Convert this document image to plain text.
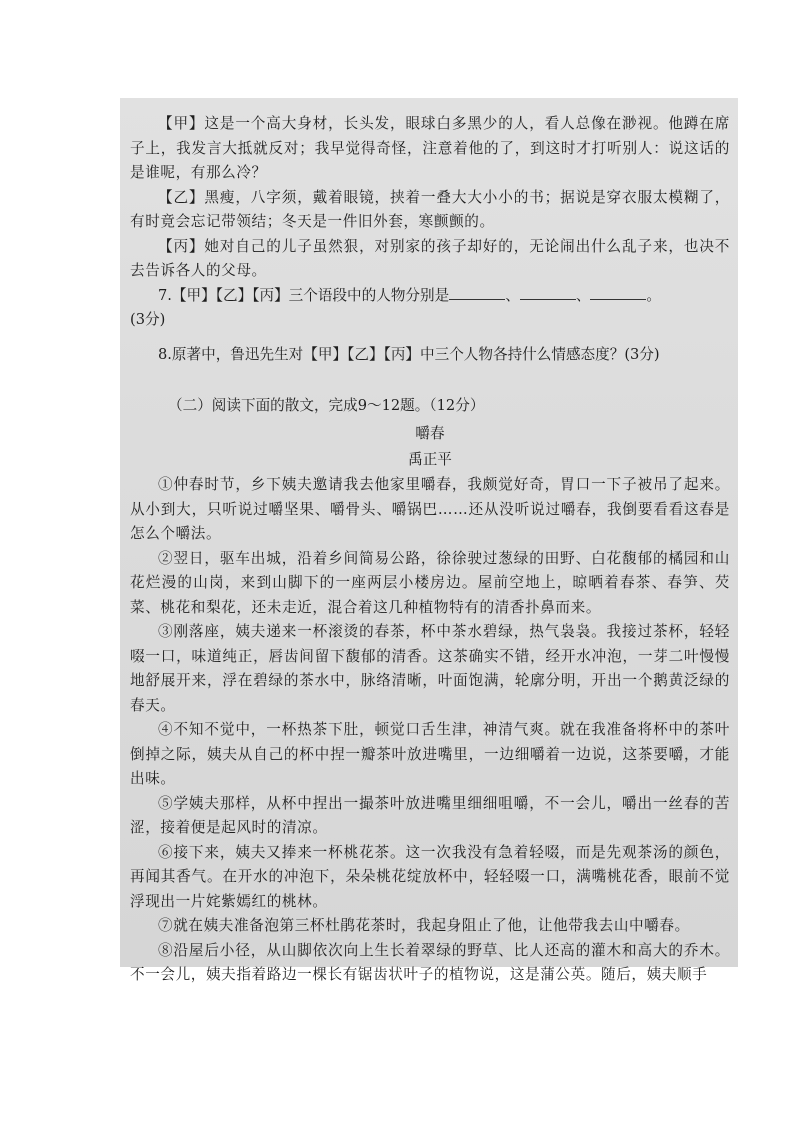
【甲】这是一个高大身材，长头发，眼球白多黑少的人，看人总像在渺视。他蹲在席子上，我发言大抵就反对；我早觉得奇怪，注意着他的了，到这时才打听别人：说这话的是谁呢，有那么冷？

【乙】黑瘦，八字须，戴着眼镜，挟着一叠大大小小的书；据说是穿衣服太模糊了，有时竟会忘记带领结；冬天是一件旧外套，寒颤颤的。

【丙】她对自己的儿子虽然狠，对别家的孩子却好的，无论闹出什么乱子来，也决不去告诉各人的父母。

7.【甲】【乙】【丙】三个语段中的人物分别是	、	、	。
(3分)

8.原著中，鲁迅先生对【甲】【乙】【丙】中三个人物各持什么情感态度？(3分)

（二）阅读下面的散文，完成9～12题。（12分）

嚼春

禹正平

①仲春时节，乡下姨夫邀请我去他家里嚼春，我颇觉好奇，胃口一下子被吊了起来。从小到大，只听说过嚼坚果、嚼骨头、嚼锅巴……还从没听说过嚼春，我倒要看看这春是怎么个嚼法。

②翌日，驱车出城，沿着乡间简易公路，徐徐驶过葱绿的田野、白花馥郁的橘园和山花烂漫的山岗，来到山脚下的一座两层小楼房边。屋前空地上，晾晒着春茶、春笋、芡菜、桃花和梨花，还未走近，混合着这几种植物特有的清香扑鼻而来。

③刚落座，姨夫递来一杯滚烫的春茶，杯中茶水碧绿，热气袅袅。我接过茶杯，轻轻啜一口，味道纯正，唇齿间留下馥郁的清香。这茶确实不错，经开水冲泡，一芽二叶慢慢地舒展开来，浮在碧绿的茶水中，脉络清晰，叶面饱满，轮廓分明，开出一个鹅黄泛绿的春天。

④不知不觉中，一杯热茶下肚，顿觉口舌生津，神清气爽。就在我准备将杯中的茶叶倒掉之际，姨夫从自己的杯中捏一瓣茶叶放进嘴里，一边细嚼着一边说，这茶要嚼，才能出味。

⑤学姨夫那样，从杯中捏出一撮茶叶放进嘴里细细咀嚼，不一会儿，嚼出一丝春的苦涩，接着便是起风时的清凉。

⑥接下来，姨夫又捧来一杯桃花茶。这一次我没有急着轻啜，而是先观茶汤的颜色，再闻其香气。在开水的冲泡下，朵朵桃花绽放杯中，轻轻啜一口，满嘴桃花香，眼前不觉浮现出一片姹紫嫣红的桃林。

⑦就在姨夫准备泡第三杯杜鹃花茶时，我起身阻止了他，让他带我去山中嚼春。

⑧沿屋后小径，从山脚依次向上生长着翠绿的野草、比人还高的灌木和高大的乔木。不一会儿，姨夫指着路边一棵长有锯齿状叶子的植物说，这是蒲公英。随后，姨夫顺手
